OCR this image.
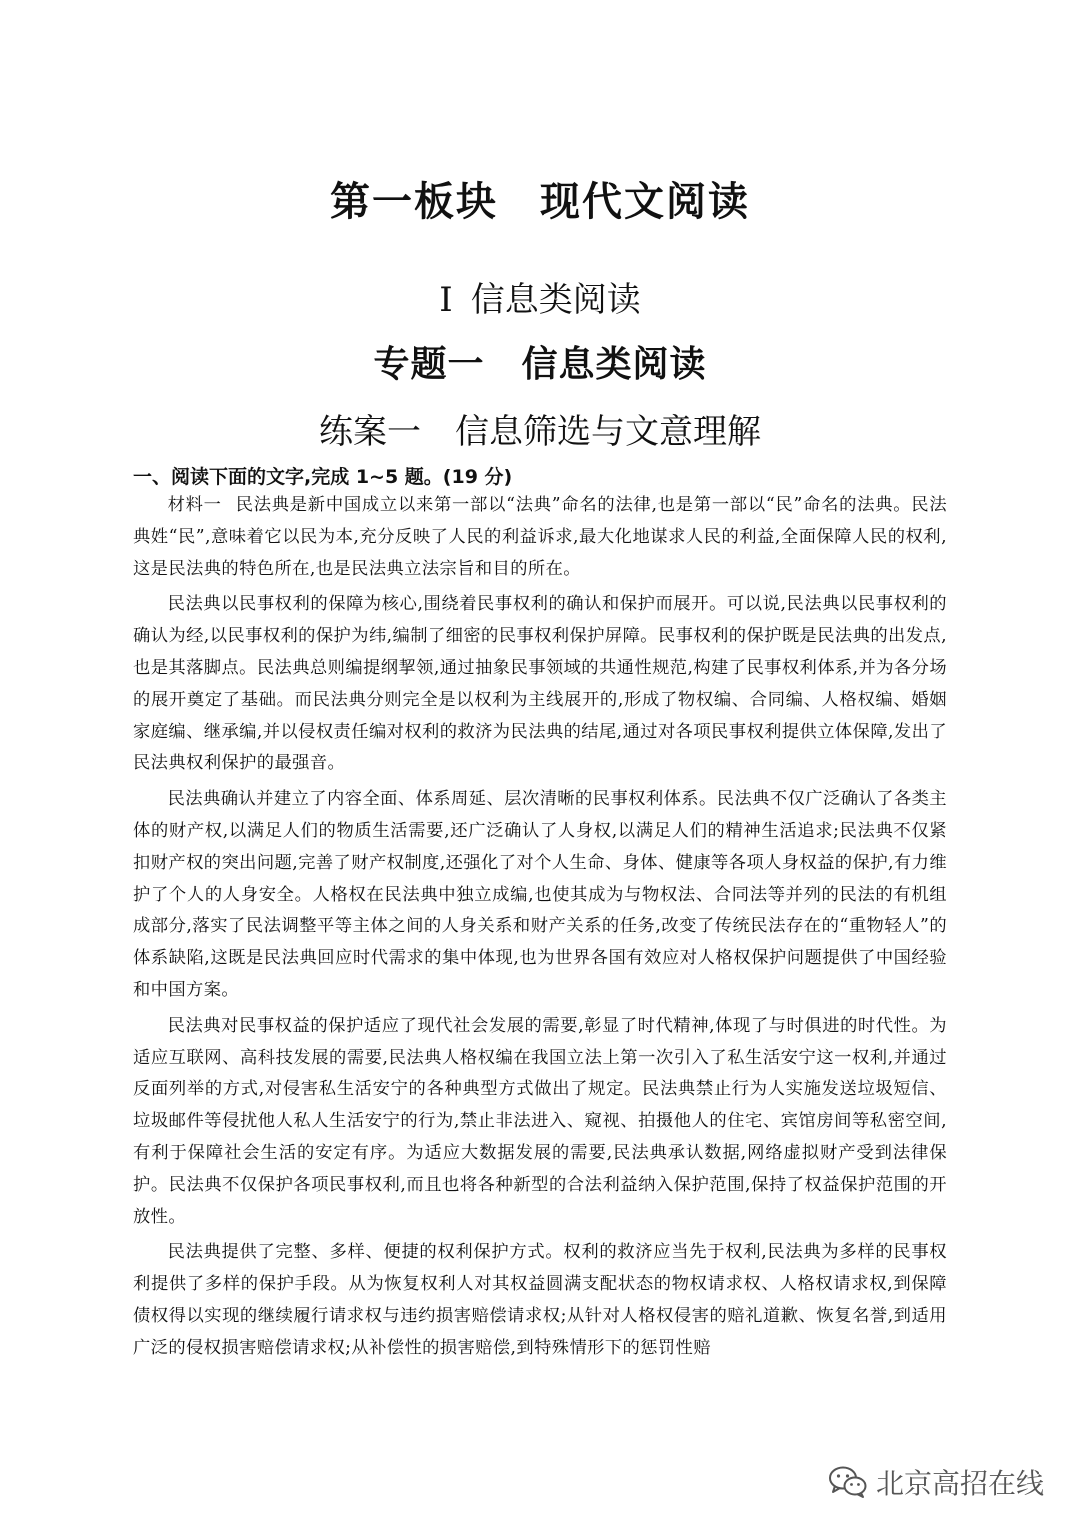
第一板块　现代文阅读
Ⅰ 信息类阅读
专题一　信息类阅读
练案一　信息筛选与文意理解
一、阅读下面的文字,完成 1~5 题。(19 分)

材料一 民法典是新中国成立以来第一部以“法典”命名的法律,也是第一部以“民”命名的法典。民法典姓“民”,意味着它以民为本,充分反映了人民的利益诉求,最大化地谋求人民的利益,全面保障人民的权利,这是民法典的特色所在,也是民法典立法宗旨和目的所在。

民法典以民事权利的保障为核心,围绕着民事权利的确认和保护而展开。可以说,民法典以民事权利的确认为经,以民事权利的保护为纬,编制了细密的民事权利保护屏障。民事权利的保护既是民法典的出发点,也是其落脚点。民法典总则编提纲挈领,通过抽象民事领域的共通性规范,构建了民事权利体系,并为各分场的展开奠定了基础。而民法典分则完全是以权利为主线展开的,形成了物权编、合同编、人格权编、婚姻家庭编、继承编,并以侵权责任编对权利的救济为民法典的结尾,通过对各项民事权利提供立体保障,发出了民法典权利保护的最强音。

民法典确认并建立了内容全面、体系周延、层次清晰的民事权利体系。民法典不仅广泛确认了各类主体的财产权,以满足人们的物质生活需要,还广泛确认了人身权,以满足人们的精神生活追求;民法典不仅紧扣财产权的突出问题,完善了财产权制度,还强化了对个人生命、身体、健康等各项人身权益的保护,有力维护了个人的人身安全。人格权在民法典中独立成编,也使其成为与物权法、合同法等并列的民法的有机组成部分,落实了民法调整平等主体之间的人身关系和财产关系的任务,改变了传统民法存在的“重物轻人”的体系缺陷,这既是民法典回应时代需求的集中体现,也为世界各国有效应对人格权保护问题提供了中国经验和中国方案。

民法典对民事权益的保护适应了现代社会发展的需要,彰显了时代精神,体现了与时俱进的时代性。为适应互联网、高科技发展的需要,民法典人格权编在我国立法上第一次引入了私生活安宁这一权利,并通过反面列举的方式,对侵害私生活安宁的各种典型方式做出了规定。民法典禁止行为人实施发送垃圾短信、垃圾邮件等侵扰他人私人生活安宁的行为,禁止非法进入、窥视、拍摄他人的住宅、宾馆房间等私密空间,有利于保障社会生活的安定有序。为适应大数据发展的需要,民法典承认数据,网络虚拟财产受到法律保护。民法典不仅保护各项民事权利,而且也将各种新型的合法利益纳入保护范围,保持了权益保护范围的开放性。

民法典提供了完整、多样、便捷的权利保护方式。权利的救济应当先于权利,民法典为多样的民事权利提供了多样的保护手段。从为恢复权利人对其权益圆满支配状态的物权请求权、人格权请求权,到保障债权得以实现的继续履行请求权与违约损害赔偿请求权;从针对人格权侵害的赔礼道歉、恢复名誉,到适用广泛的侵权损害赔偿请求权;从补偿性的损害赔偿,到特殊情形下的惩罚性赔

北京高招在线
